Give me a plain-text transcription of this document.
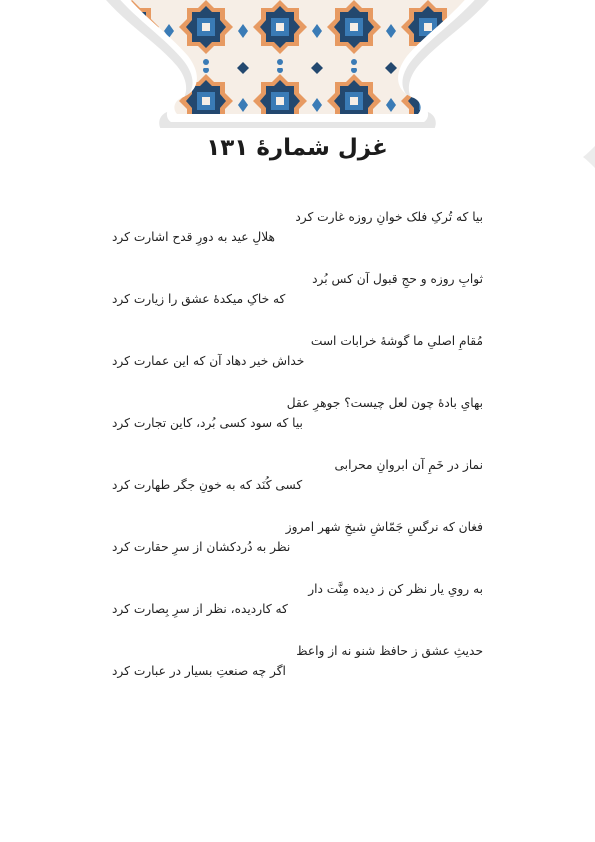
غزل شمارهٔ ۱۳۱
بیا که تُرکِ فلک خوانِ روزه غارت کرد
هلالِ عید به دورِ قدح اشارت کرد
ثوابِ روزه و حجِ قبول آن کس بُرد
که خاکِ میکدهٔ عشق را زیارت کرد
مُقامِ اصلیِ ما گوشهٔ خرابات است
خداش خیر دهاد آن که این عمارت کرد
بهایِ بادهٔ چون لعل چیست؟ جوهرِ عقل
بیا که سود کسی بُرد، کاین تجارت کرد
نماز در خَمِ آن ابروانِ محرابی
کسی کُنَد که به خونِ جگر طهارت کرد
فغان که نرگسِ جَمّاشِ شیخِ شهر امروز
نظر به دُردکشان از سرِ حقارت کرد
به رویِ یار نظر کن ز دیده مِنَّت دار
که کاردیده، نظر از سرِ بِصارت کرد
حدیثِ عشق ز حافظ شنو نه از واعظ
اگر چه صنعتِ بسیار در عبارت کرد
